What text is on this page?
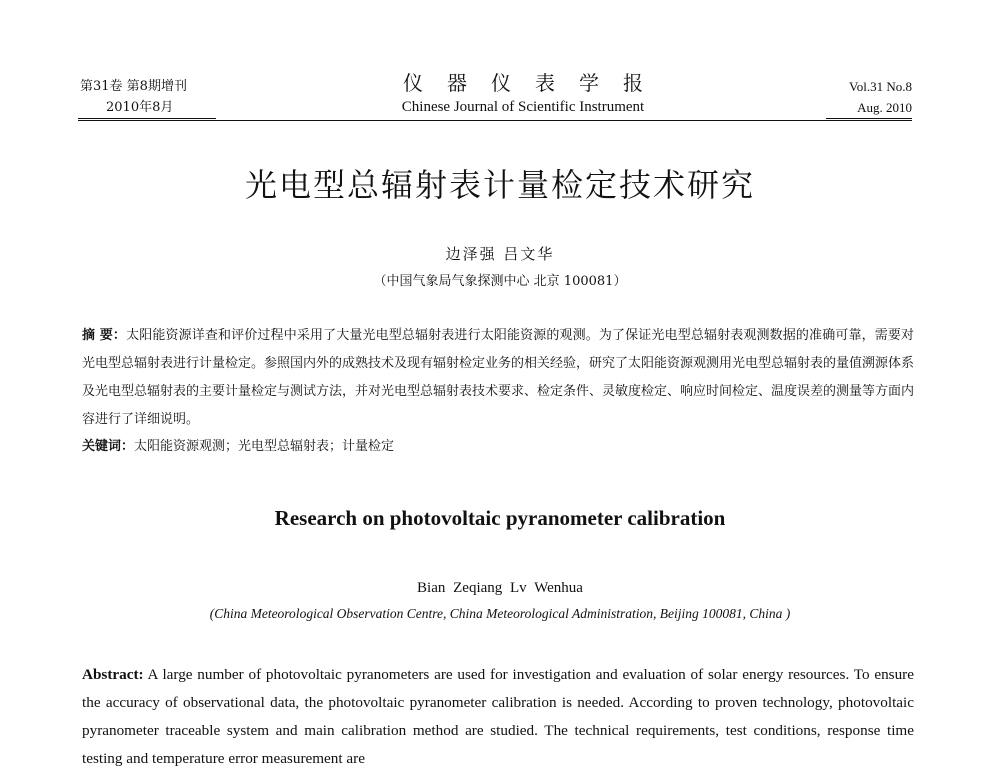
第31卷 第8期增刊
2010年8月
仪器仪表学报
Chinese Journal of Scientific Instrument
Vol.31 No.8
Aug. 2010
光电型总辐射表计量检定技术研究
边泽强 吕文华
（中国气象局气象探测中心 北京 100081）
摘 要：太阳能资源详查和评价过程中采用了大量光电型总辐射表进行太阳能资源的观测。为了保证光电型总辐射表观测数据的准确可靠，需要对光电型总辐射表进行计量检定。参照国内外的成熟技术及现有辐射检定业务的相关经验，研究了太阳能资源观测用光电型总辐射表的量值溯源体系及光电型总辐射表的主要计量检定与测试方法，并对光电型总辐射表技术要求、检定条件、灵敏度检定、响应时间检定、温度误差的测量等方面内容进行了详细说明。
关键词：太阳能资源观测；光电型总辐射表；计量检定
Research on photovoltaic pyranometer calibration
Bian Zeqiang Lv Wenhua
(China Meteorological Observation Centre, China Meteorological Administration, Beijing 100081, China )
Abstract: A large number of photovoltaic pyranometers are used for investigation and evaluation of solar energy resources. To ensure the accuracy of observational data, the photovoltaic pyranometer calibration is needed. According to proven technology, photovoltaic pyranometer traceable system and main calibration method are studied. The technical requirements, test conditions, response time testing and temperature error measurement are
